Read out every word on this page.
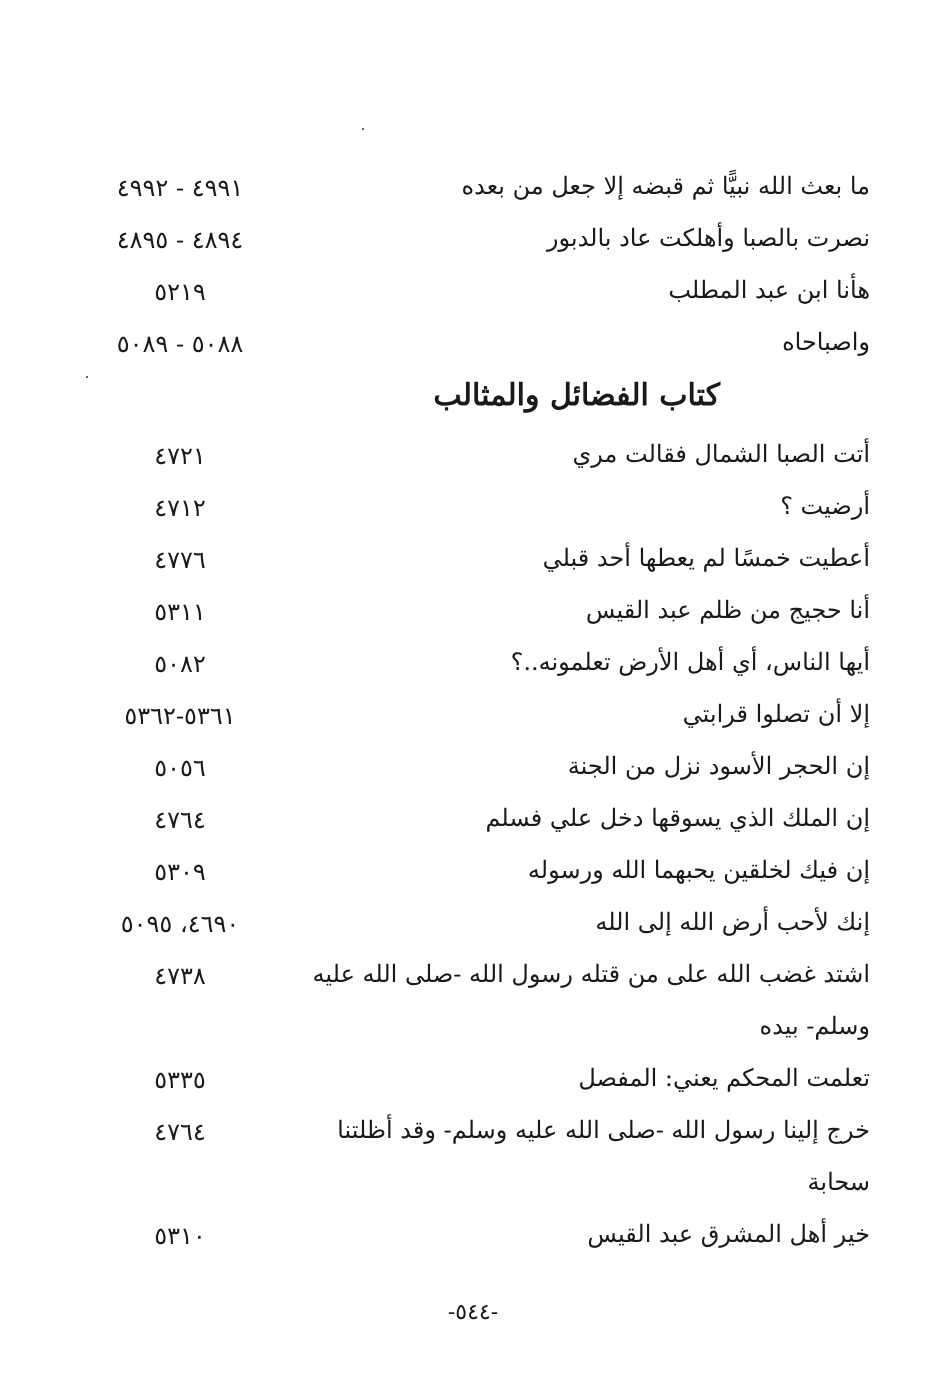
٤٩٩١ - ٤٩٩٢	ما بعث الله نبيًّا ثم قبضه إلا جعل من بعده
٤٨٩٤ - ٤٨٩٥	نصرت بالصبا وأهلكت عاد بالدبور
٥٢١٩	هأنا ابن عبد المطلب
٥٠٨٨ - ٥٠٨٩	واصباحاه
كتاب الفضائل والمثالب
٤٧٢١	أتت الصبا الشمال فقالت مري
٤٧١٢	أرضيت ؟
٤٧٧٦	أعطيت خمسًا لم يعطها أحد قبلي
٥٣١١	أنا حجيج من ظلم عبد القيس
٥٠٨٢	أيها الناس، أي أهل الأرض تعلمونه..؟
٥٣٦١-٥٣٦٢	إلا أن تصلوا قرابتي
٥٠٥٦	إن الحجر الأسود نزل من الجنة
٤٧٦٤	إن الملك الذي يسوقها دخل علي فسلم
٥٣٠٩	إن فيك لخلقين يحبهما الله ورسوله
٤٦٩٠، ٥٠٩٥	إنك لأحب أرض الله إلى الله
٤٧٣٨	اشتد غضب الله على من قتله رسول الله -صلى الله عليه وسلم- بيده
٥٣٣٥	تعلمت المحكم يعني: المفصل
٤٧٦٤	خرج إلينا رسول الله -صلى الله عليه وسلم- وقد أظلتنا سحابة
٥٣١٠	خير أهل المشرق عبد القيس
-٥٤٤-
